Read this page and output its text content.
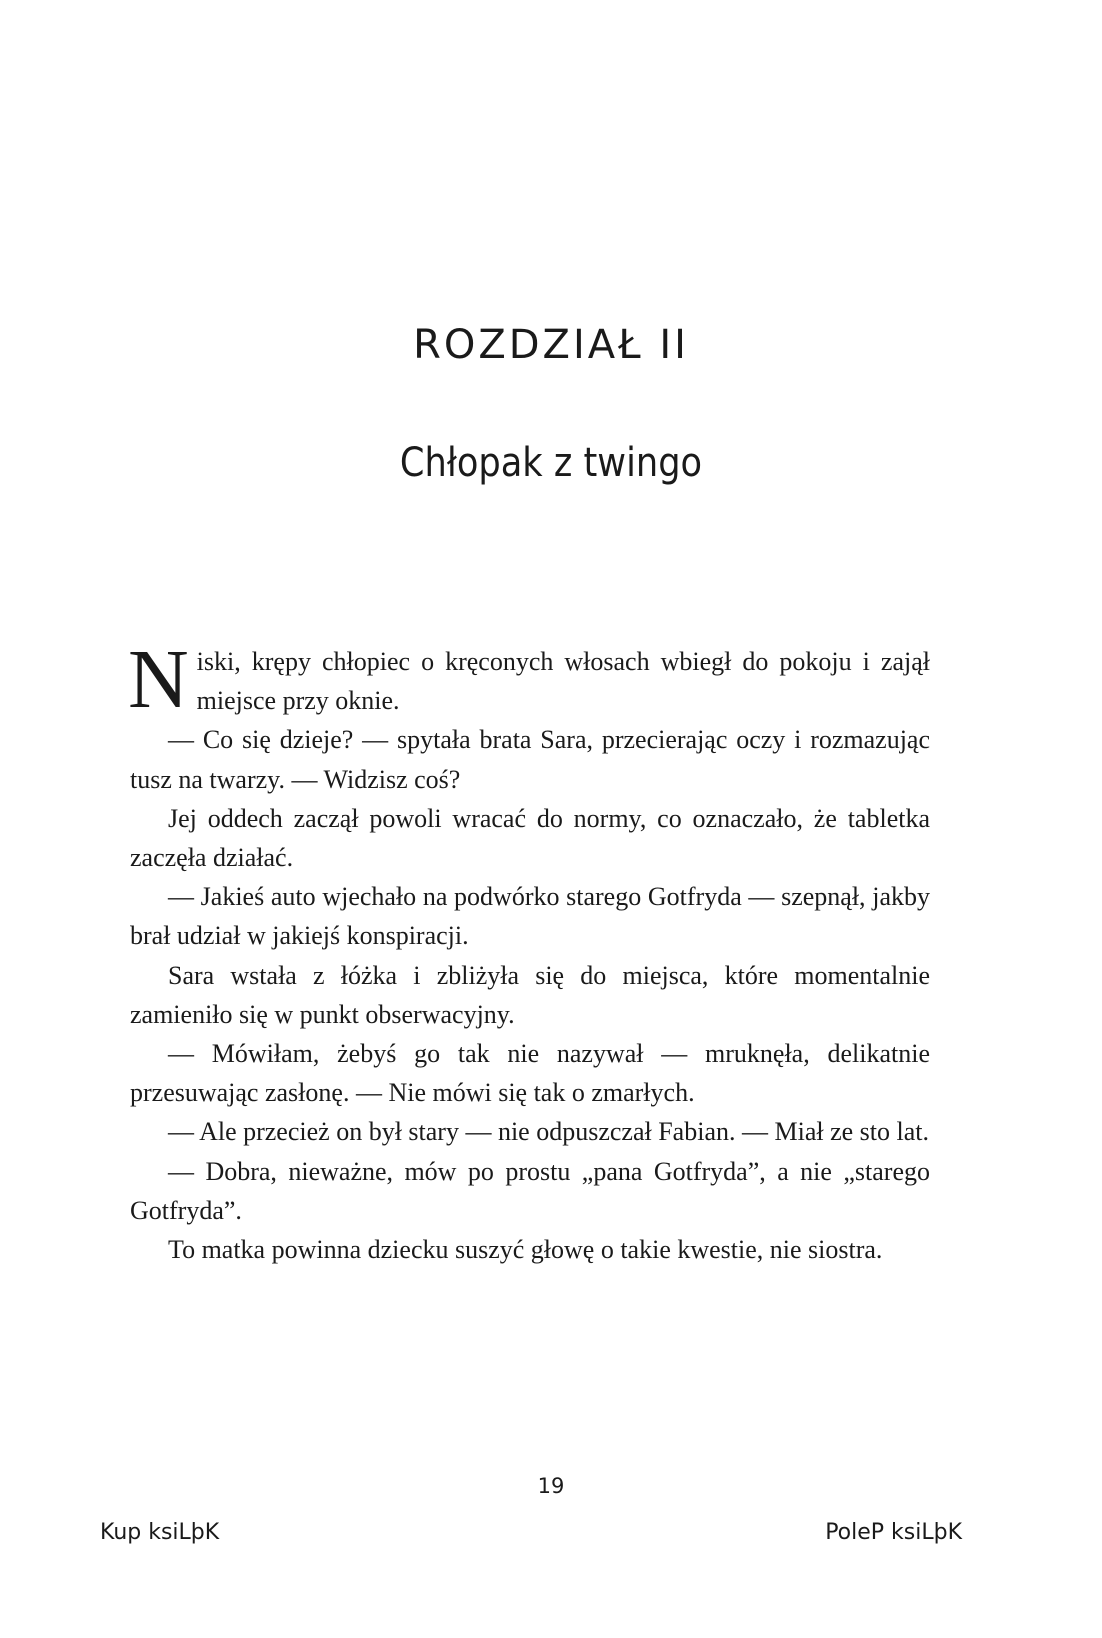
ROZDZIAŁ II
Chłopak z twingo

Niski, krępy chłopiec o kręconych włosach wbiegł do pokoju i zajął miejsce przy oknie.

— Co się dzieje? — spytała brata Sara, przecierając oczy i rozmazując tusz na twarzy. — Widzisz coś?

Jej oddech zaczął powoli wracać do normy, co oznaczało, że tabletka zaczęła działać.

— Jakieś auto wjechało na podwórko starego Gotfryda — szepnął, jakby brał udział w jakiejś konspiracji.

Sara wstała z łóżka i zbliżyła się do miejsca, które momentalnie zamieniło się w punkt obserwacyjny.

— Mówiłam, żebyś go tak nie nazywał — mruknęła, delikatnie przesuwając zasłonę. — Nie mówi się tak o zmarłych.

— Ale przecież on był stary — nie odpuszczał Fabian. — Miał ze sto lat.

— Dobra, nieważne, mów po prostu „pana Gotfryda”, a nie „starego Gotfryda”.

To matka powinna dziecku suszyć głowę o takie kwestie, nie siostra.

19
Kup ksiLþK	PoleP ksiLþK
